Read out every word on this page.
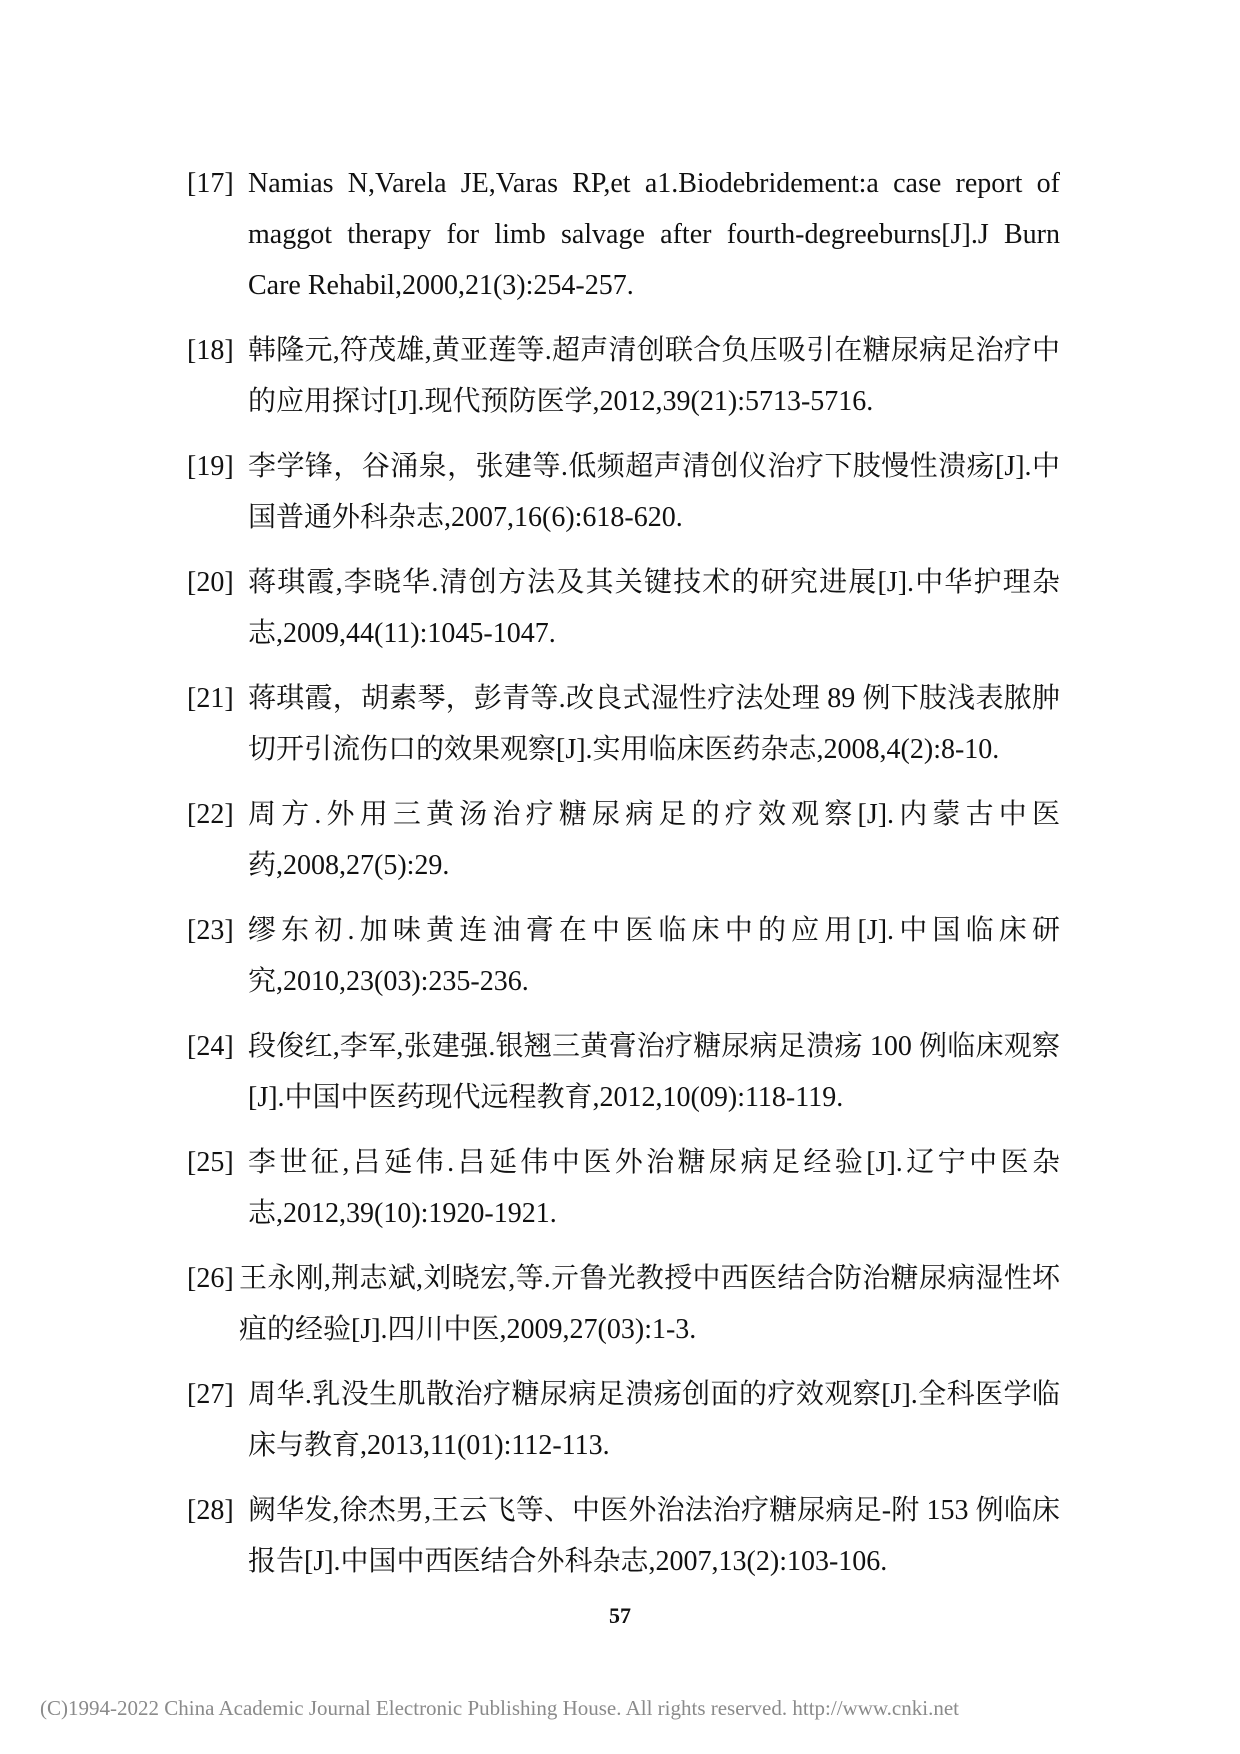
[17] Namias N,Varela JE,Varas RP,et a1.Biodebridement:a case report of maggot therapy for limb salvage after fourth-degreeburns[J].J Burn Care Rehabil,2000,21(3):254-257.
[18] 韩隆元,符茂雄,黄亚莲等.超声清创联合负压吸引在糖尿病足治疗中的应用探讨[J].现代预防医学,2012,39(21):5713-5716.
[19] 李学锋，谷涌泉，张建等.低频超声清创仪治疗下肢慢性溃疡[J].中国普通外科杂志,2007,16(6):618-620.
[20] 蒋琪霞,李晓华.清创方法及其关键技术的研究进展[J].中华护理杂志,2009,44(11):1045-1047.
[21] 蒋琪霞，胡素琴，彭青等.改良式湿性疗法处理 89 例下肢浅表脓肿切开引流伤口的效果观察[J].实用临床医药杂志,2008,4(2):8-10.
[22] 周方.外用三黄汤治疗糖尿病足的疗效观察[J].内蒙古中医药,2008,27(5):29.
[23] 缪东初.加味黄连油膏在中医临床中的应用[J].中国临床研究,2010,23(03):235-236.
[24] 段俊红,李军,张建强.银翘三黄膏治疗糖尿病足溃疡 100 例临床观察[J].中国中医药现代远程教育,2012,10(09):118-119.
[25] 李世征,吕延伟.吕延伟中医外治糖尿病足经验[J].辽宁中医杂志,2012,39(10):1920-1921.
[26] 王永刚,荆志斌,刘晓宏,等.亓鲁光教授中西医结合防治糖尿病湿性坏疽的经验[J].四川中医,2009,27(03):1-3.
[27] 周华.乳没生肌散治疗糖尿病足溃疡创面的疗效观察[J].全科医学临床与教育,2013,11(01):112-113.
[28] 阙华发,徐杰男,王云飞等、中医外治法治疗糖尿病足-附 153 例临床报告[J].中国中西医结合外科杂志,2007,13(2):103-106.
57
(C)1994-2022 China Academic Journal Electronic Publishing House. All rights reserved. http://www.cnki.net
